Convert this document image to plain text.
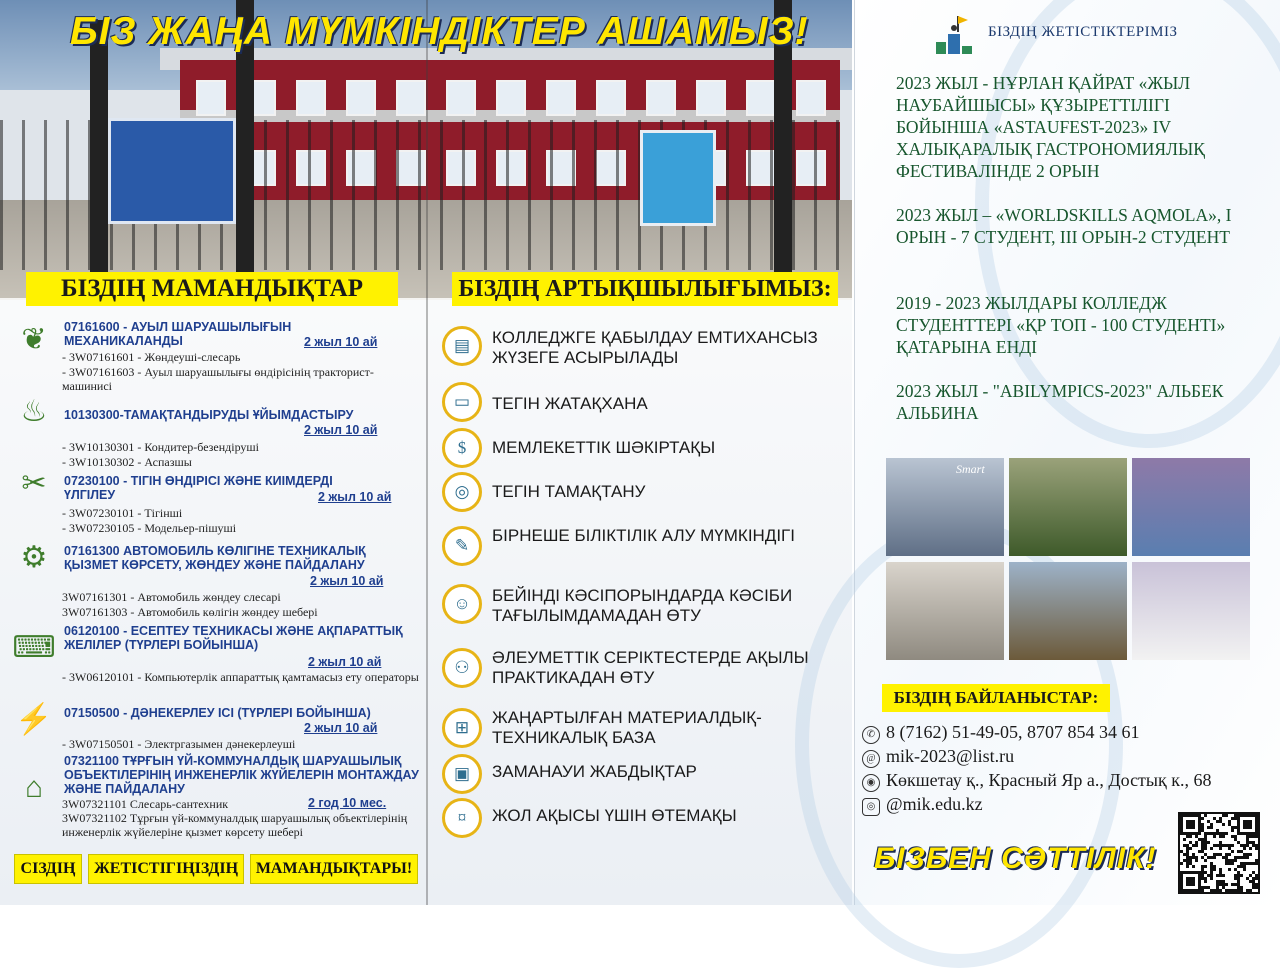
БІЗ ЖАҢА МҮМКІНДІКТЕР АШАМЫЗ!
БІЗДІҢ МАМАНДЫҚТАР	БІЗДІҢ АРТЫҚШЫЛЫҒЫМЫЗ:
❦	07161600 - АУЫЛ ШАРУАШЫЛЫҒЫН МЕХАНИКАЛАНДЫ	2 жыл 10 ай
- 3W07161601 - Жөндеуші-слесарь
- 3W07161603 - Ауыл шаруашылығы өндірісінің тракторист-машинисі
♨	10130300-ТАМАҚТАНДЫРУДЫ ҰЙЫМДАСТЫРУ
2 жыл 10 ай
- 3W10130301 - Кондитер-безендіруші
- 3W10130302 - Аспазшы
✂	07230100 - ТІГІН ӨНДІРІСІ ЖӘНЕ КИІМДЕРДІ ҮЛГІЛЕУ	2 жыл 10 ай
- 3W07230101 - Тігінші
- 3W07230105 - Модельер-пішуші
⚙	07161300 АВТОМОБИЛЬ КӨЛІГІНЕ ТЕХНИКАЛЫҚ ҚЫЗМЕТ КӨРСЕТУ, ЖӨНДЕУ ЖӘНЕ ПАЙДАЛАНУ
2 жыл 10 ай
3W07161301 - Автомобиль жөндеу слесарі
3W07161303 - Автомобиль көлігін жөндеу шебері
⌨ 06120100 - ЕСЕПТЕУ ТЕХНИКАСЫ ЖӘНЕ АҚПАРАТТЫҚ ЖЕЛІЛЕР (ТҮРЛЕРІ БОЙЫНША)
2 жыл 10 ай
- 3W06120101 - Компьютерлік аппараттық қамтамасыз ету операторы
⚡ 07150500 - ДӘНЕКЕРЛЕУ ІСІ (ТҮРЛЕРІ БОЙЫНША)
2 жыл 10 ай
- 3W07150501 - Электргазымен дәнекерлеуші
⌂
07321100 ТҰРҒЫН ҮЙ-КОММУНАЛДЫҚ ШАРУАШЫЛЫҚ ОБЪЕКТІЛЕРІНІҢ ИНЖЕНЕРЛІК ЖҮЙЕЛЕРІН МОНТАЖДАУ ЖӘНЕ ПАЙДАЛАНУ
2 год 10 мес.
3W07321101 Слесарь-сантехник
3W07321102 Тұрғын үй-коммуналдық шаруашылық объектілерінің инженерлік жүйелеріне қызмет көрсету шебері
СІЗДІҢ	ЖЕТІСТІГІҢІЗДІҢ	МАМАНДЫҚТАРЫ!
▤	КОЛЛЕДЖГЕ ҚАБЫЛДАУ ЕМТИХАНСЫЗ ЖҮЗЕГЕ АСЫРЫЛАДЫ
▭	ТЕГІН ЖАТАҚХАНА
$	МЕМЛЕКЕТТІК ШӘКІРТАҚЫ
◎	ТЕГІН ТАМАҚТАНУ
✎
БІРНЕШЕ БІЛІКТІЛІК АЛУ МҮМКІНДІГІ
☺	БЕЙІНДІ КӘСІПОРЫНДАРДА КӘСІБИ ТАҒЫЛЫМДАМАДАН ӨТУ
⚇
ӘЛЕУМЕТТІК СЕРІКТЕСТЕРДЕ АҚЫЛЫ ПРАКТИКАДАН ӨТУ
⊞
ЖАҢАРТЫЛҒАН МАТЕРИАЛДЫҚ-ТЕХНИКАЛЫҚ БАЗА
▣	ЗАМАНАУИ ЖАБДЫҚТАР
¤	ЖОЛ АҚЫСЫ ҮШІН ӨТЕМАҚЫ
БІЗДІҢ ЖЕТІСТІКТЕРІМІЗ
2023 ЖЫЛ - НҰРЛАН ҚАЙРАТ «ЖЫЛ НАУБАЙШЫСЫ» ҚҰЗЫРЕТТІЛІГІ БОЙЫНША «ASTAUFEST-2023» IV ХАЛЫҚАРАЛЫҚ ГАСТРОНОМИЯЛЫҚ ФЕСТИВАЛІНДЕ 2 ОРЫН
2023 ЖЫЛ – «WORLDSKILLS AQMOLA», I ОРЫН - 7 СТУДЕНТ, III ОРЫН-2 СТУДЕНТ
2019 - 2023 ЖЫЛДАРЫ КОЛЛЕДЖ СТУДЕНТТЕРІ «ҚР ТОП - 100 СТУДЕНТІ» ҚАТАРЫНА ЕНДІ
2023 ЖЫЛ - "ABILYMPICS-2023" АЛЬБЕК АЛЬБИНА
Smart
БІЗДІҢ БАЙЛАНЫСТАР:
✆ 8 (7162) 51-49-05, 8707 854 34 61
@ mik-2023@list.ru
◉ Көкшетау қ., Красный Яр а., Достық к., 68
◎ @mik.edu.kz
БІЗБЕН СӘТТІЛІК!
